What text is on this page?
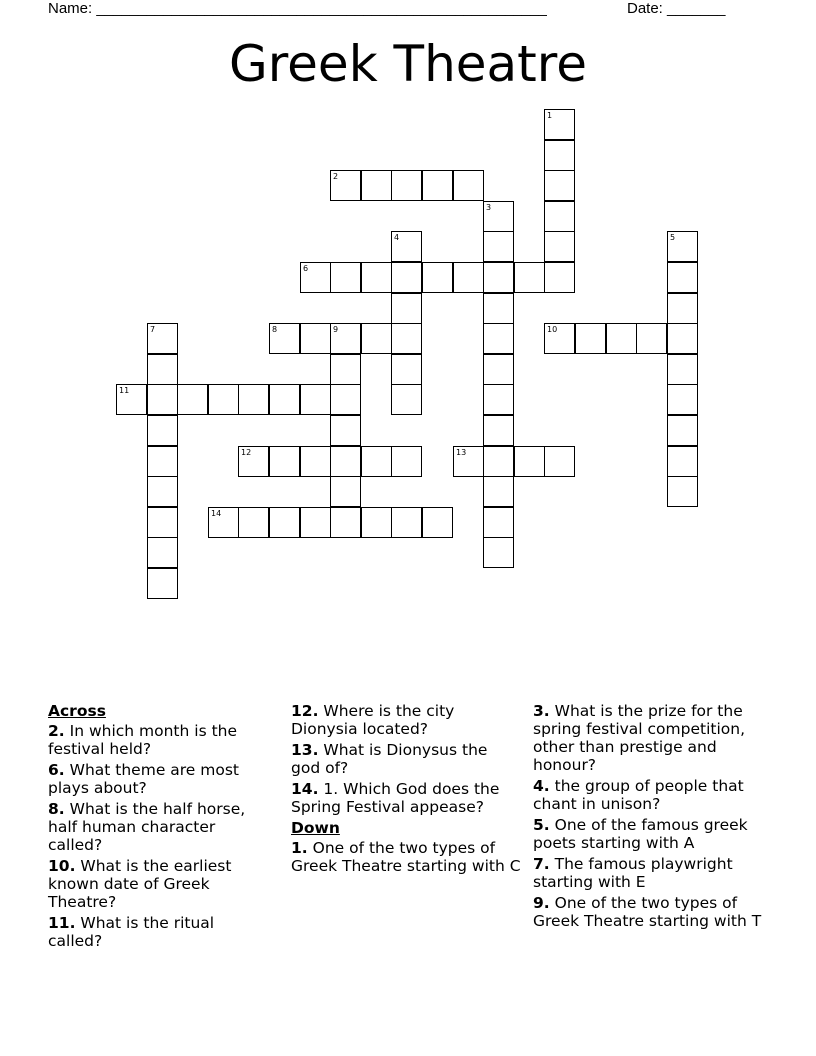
Name: ______________________________________________________	Date: _______
Greek Theatre
1
2
3
4	5
6
7	8	9	10
11
12	13
14
Across
2. In which month is the festival held?
6. What theme are most plays about?
8. What is the half horse, half human character called?
10. What is the earliest known date of Greek Theatre?
11. What is the ritual called?
12. Where is the city Dionysia located?
13. What is Dionysus the god of?
14. 1. Which God does the Spring Festival appease?
Down
1. One of the two types of Greek Theatre starting with C
3. What is the prize for the spring festival competition, other than prestige and honour?
4. the group of people that chant in unison?
5. One of the famous greek poets starting with A
7. The famous playwright starting with E
9. One of the two types of Greek Theatre starting with T
